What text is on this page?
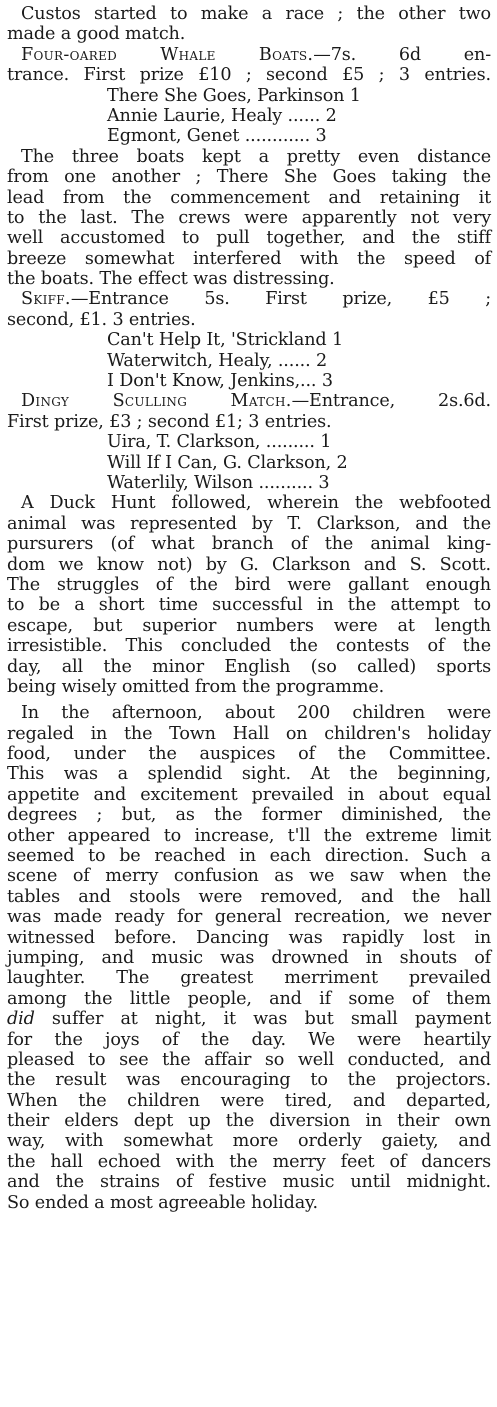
Custos started to make a race ; the other two
made a good match.
Four-oared Whale Boats.—7s. 6d en-
trance. First prize £10 ; second £5 ; 3 entries.
There She Goes, Parkinson 1
Annie Laurie, Healy ...... 2
Egmont, Genet ............ 3
The three boats kept a pretty even distance
from one another ; There She Goes taking the
lead from the commencement and retaining it
to the last. The crews were apparently not very
well accustomed to pull together, and the stiff
breeze somewhat interfered with the speed of
the boats. The effect was distressing.
Skiff.—Entrance 5s. First prize, £5 ;
second, £1. 3 entries.
Can't Help It, 'Strickland 1
Waterwitch, Healy, ...... 2
I Don't Know, Jenkins,... 3
Dingy Sculling Match.—Entrance, 2s.6d.
First prize, £3 ; second £1; 3 entries.
Uira, T. Clarkson, ......... 1
Will If I Can, G. Clarkson, 2
Waterlily, Wilson .......... 3
A Duck Hunt followed, wherein the webfooted
animal was represented by T. Clarkson, and the
pursurers (of what branch of the animal king-
dom we know not) by G. Clarkson and S. Scott.
The struggles of the bird were gallant enough
to be a short time successful in the attempt to
escape, but superior numbers were at length
irresistible. This concluded the contests of the
day, all the minor English (so called) sports
being wisely omitted from the programme.
In the afternoon, about 200 children were
regaled in the Town Hall on children's holiday
food, under the auspices of the Committee.
This was a splendid sight. At the beginning,
appetite and excitement prevailed in about equal
degrees ; but, as the former diminished, the
other appeared to increase, t'll the extreme limit
seemed to be reached in each direction. Such a
scene of merry confusion as we saw when the
tables and stools were removed, and the hall
was made ready for general recreation, we never
witnessed before. Dancing was rapidly lost in
jumping, and music was drowned in shouts of
laughter. The greatest merriment prevailed
among the little people, and if some of them
did suffer at night, it was but small payment
for the joys of the day. We were heartily
pleased to see the affair so well conducted, and
the result was encouraging to the projectors.
When the children were tired, and departed,
their elders dept up the diversion in their own
way, with somewhat more orderly gaiety, and
the hall echoed with the merry feet of dancers
and the strains of festive music until midnight.
So ended a most agreeable holiday.
